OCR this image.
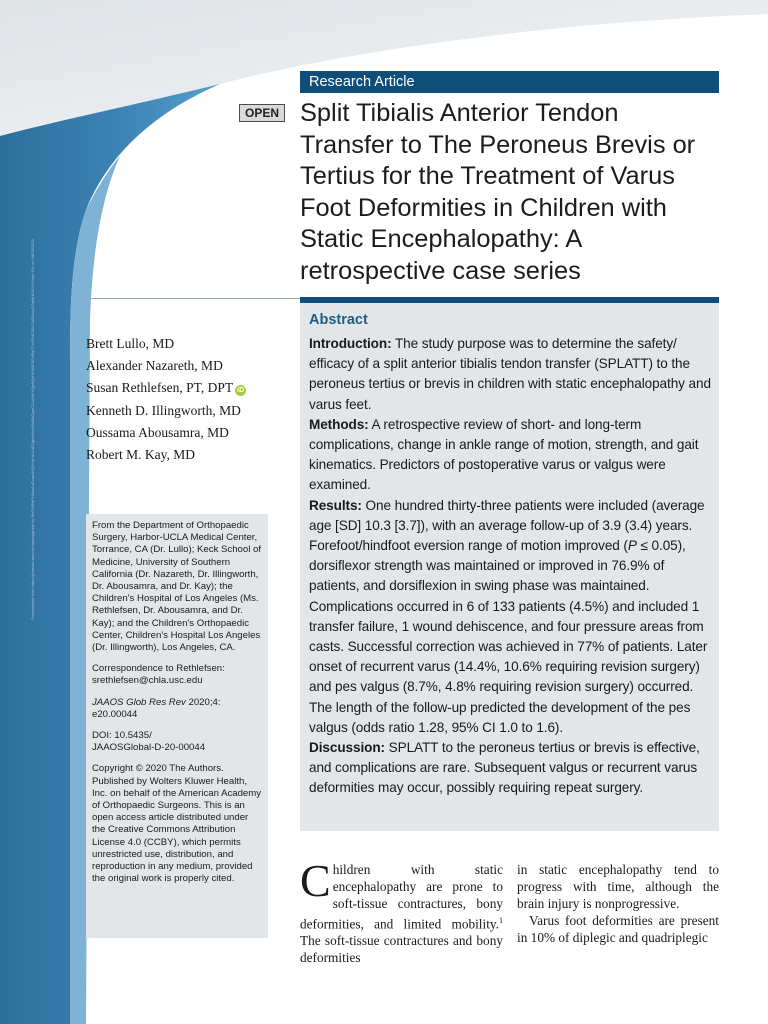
Downloaded from https://journals.lww.com/jaaosglobal by BhDMf5ePHKav1zEoum1tQfN4a+kJLhEZgbsIHo4XMi0hCywCX1AWnYQp/IlQrHD3i3D0OdRyi7TvSFl4Cf3VC4/OAVpDDa8KKGKV0Ymy+78= on 04/25/2024
Research Article
OPEN Split Tibialis Anterior Tendon Transfer to The Peroneus Brevis or Tertius for the Treatment of Varus Foot Deformities in Children with Static Encephalopathy: A retrospective case series
Brett Lullo, MD
Alexander Nazareth, MD
Susan Rethlefsen, PT, DPT iD
Kenneth D. Illingworth, MD
Oussama Abousamra, MD
Robert M. Kay, MD

From the Department of Orthopaedic Surgery, Harbor-UCLA Medical Center, Torrance, CA (Dr. Lullo); Keck School of Medicine, University of Southern California (Dr. Nazareth, Dr. Illingworth, Dr. Abousamra, and Dr. Kay); the Children's Hospital of Los Angeles (Ms. Rethlefsen, Dr. Abousamra, and Dr. Kay); and the Children's Orthopaedic Center, Children's Hospital Los Angeles (Dr. Illingworth), Los Angeles, CA.

Correspondence to Rethlefsen:
srethlefsen@chla.usc.edu

JAAOS Glob Res Rev 2020;4: e20.00044

DOI: 10.5435/
JAAOSGlobal-D-20-00044

Copyright © 2020 The Authors. Published by Wolters Kluwer Health, Inc. on behalf of the American Academy of Orthopaedic Surgeons. This is an open access article distributed under the Creative Commons Attribution License 4.0 (CCBY), which permits unrestricted use, distribution, and reproduction in any medium, provided the original work is properly cited.

Abstract

Introduction: The study purpose was to determine the safety/ efficacy of a split anterior tibialis tendon transfer (SPLATT) to the peroneus tertius or brevis in children with static encephalopathy and varus feet.

Methods: A retrospective review of short- and long-term complications, change in ankle range of motion, strength, and gait kinematics. Predictors of postoperative varus or valgus were examined.

Results: One hundred thirty-three patients were included (average age [SD] 10.3 [3.7]), with an average follow-up of 3.9 (3.4) years. Forefoot/hindfoot eversion range of motion improved (P ≤ 0.05), dorsiflexor strength was maintained or improved in 76.9% of patients, and dorsiflexion in swing phase was maintained. Complications occurred in 6 of 133 patients (4.5%) and included 1 transfer failure, 1 wound dehiscence, and four pressure areas from casts. Successful correction was achieved in 77% of patients. Later onset of recurrent varus (14.4%, 10.6% requiring revision surgery) and pes valgus (8.7%, 4.8% requiring revision surgery) occurred. The length of the follow-up predicted the development of the pes valgus (odds ratio 1.28, 95% CI 1.0 to 1.6).

Discussion: SPLATT to the peroneus tertius or brevis is effective, and complications are rare. Subsequent valgus or recurrent varus deformities may occur, possibly requiring repeat surgery.

Children with static encephalopathy are prone to soft-tissue contractures, bony deformities, and limited mobility.$^1$ The soft-tissue contractures and bony deformities

in static encephalopathy tend to progress with time, although the brain injury is nonprogressive.

Varus foot deformities are present in 10% of diplegic and quadriplegic
